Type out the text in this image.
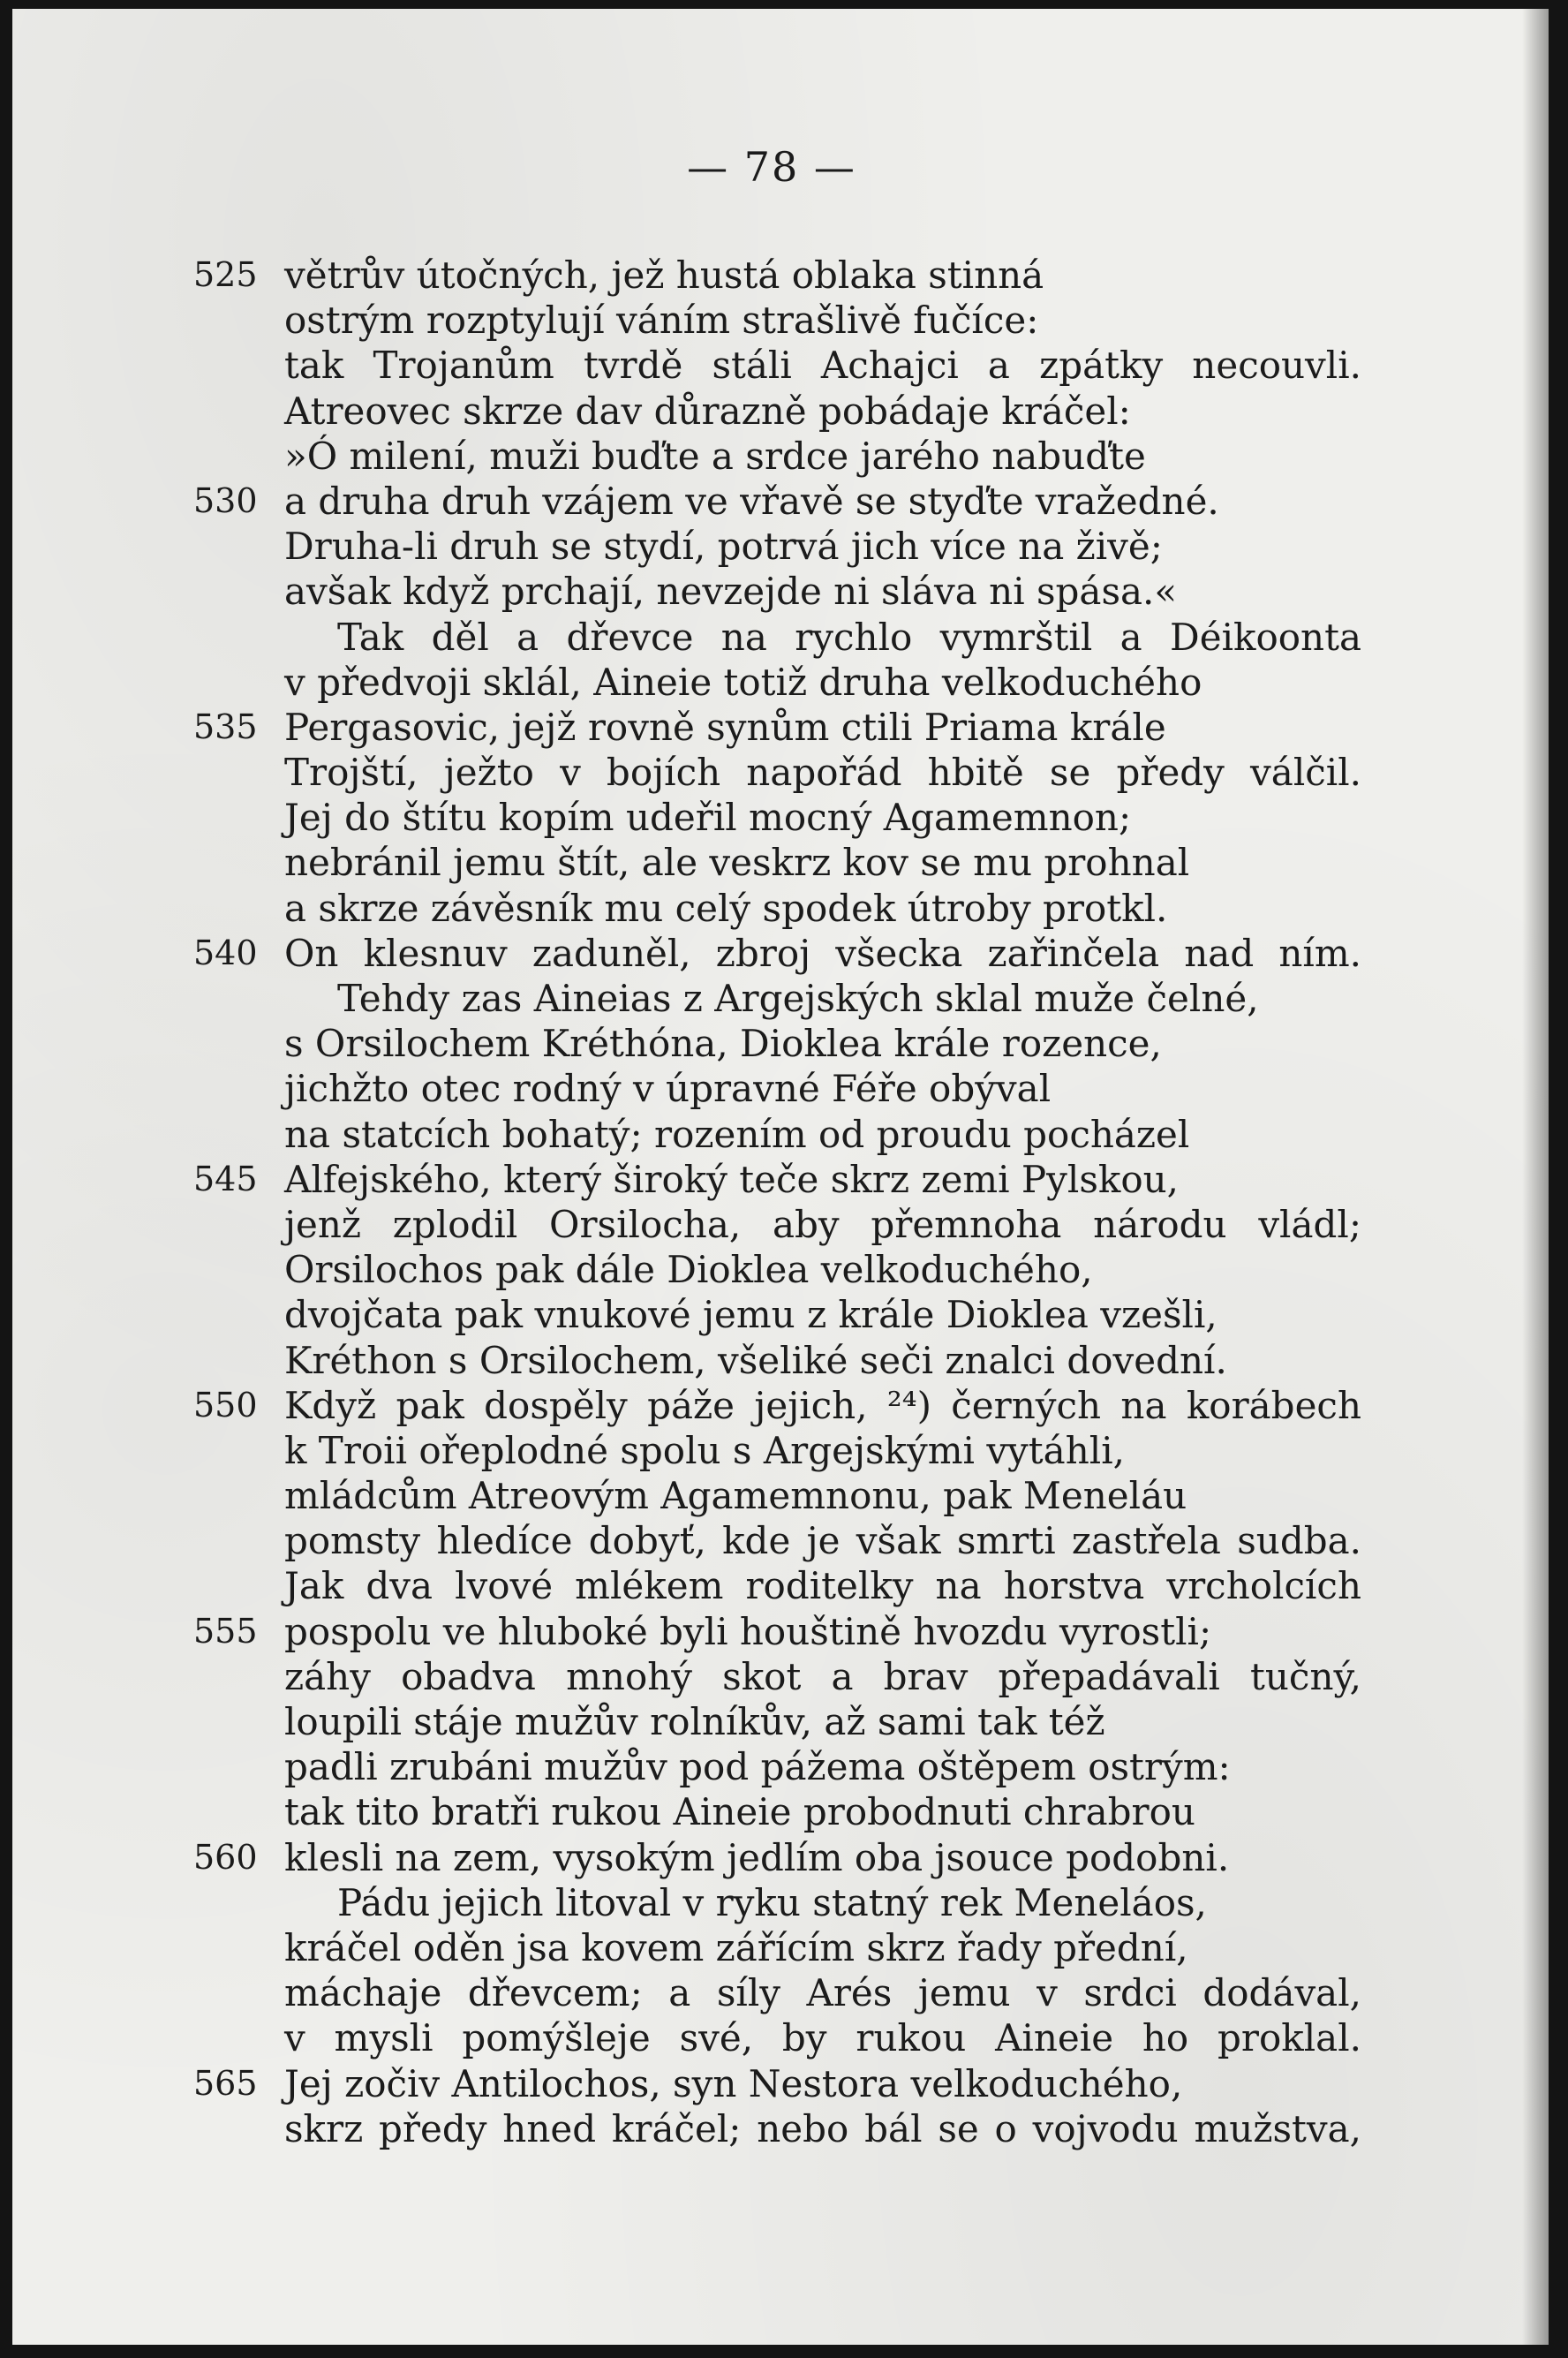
— 78 —
525 větrův útočných, jež hustá oblaka stinná
ostrým rozptylují váním strašlivě fučíce:
tak Trojanům tvrdě stáli Achajci a zpátky necouvli.
Atreovec skrze dav důrazně pobádaje kráčel:
»Ó milení, muži buďte a srdce jarého nabuďte
530 a druha druh vzájem ve vřavě se styďte vražedné.
Druha-li druh se stydí, potrvá jich více na živě;
avšak když prchají, nevzejde ni sláva ni spása.«
Tak děl a dřevce na rychlo vymrštil a Déikoonta
v předvoji sklál, Aineie totiž druha velkoduchého
535 Pergasovic, jejž rovně synům ctili Priama krále
Trojští, ježto v bojích napořád hbitě se předy válčil.
Jej do štítu kopím udeřil mocný Agamemnon;
nebránil jemu štít, ale veskrz kov se mu prohnal
a skrze závěsník mu celý spodek útroby protkl.
540 On klesnuv zaduněl, zbroj všecka zařinčela nad ním.
Tehdy zas Aineias z Argejských sklal muže čelné,
s Orsilochem Kréthóna, Dioklea krále rozence,
jichžto otec rodný v úpravné Féře obýval
na statcích bohatý; rozením od proudu pocházel
545 Alfejského, který široký teče skrz zemi Pylskou,
jenž zplodil Orsilocha, aby přemnoha národu vládl;
Orsilochos pak dále Dioklea velkoduchého,
dvojčata pak vnukové jemu z krále Dioklea vzešli,
Kréthon s Orsilochem, všeliké seči znalci dovední.
550 Když pak dospěly páže jejich, ²⁴) černých na korábech
k Troii ořeplodné spolu s Argejskými vytáhli,
mládcům Atreovým Agamemnonu, pak Meneláu
pomsty hledíce dobyť, kde je však smrti zastřela sudba.
Jak dva lvové mlékem roditelky na horstva vrcholcích
555 pospolu ve hluboké byli houštině hvozdu vyrostli;
záhy obadva mnohý skot a brav přepadávali tučný,
loupili stáje mužův rolníkův, až sami tak též
padli zrubáni mužův pod pážema oštěpem ostrým:
tak tito bratři rukou Aineie probodnuti chrabrou
560 klesli na zem, vysokým jedlím oba jsouce podobni.
Pádu jejich litoval v ryku statný rek Meneláos,
kráčel oděn jsa kovem zářícím skrz řady přední,
máchaje dřevcem; a síly Arés jemu v srdci dodával,
v mysli pomýšleje své, by rukou Aineie ho proklal.
565 Jej zočiv Antilochos, syn Nestora velkoduchého,
skrz předy hned kráčel; nebo bál se o vojvodu mužstva,
